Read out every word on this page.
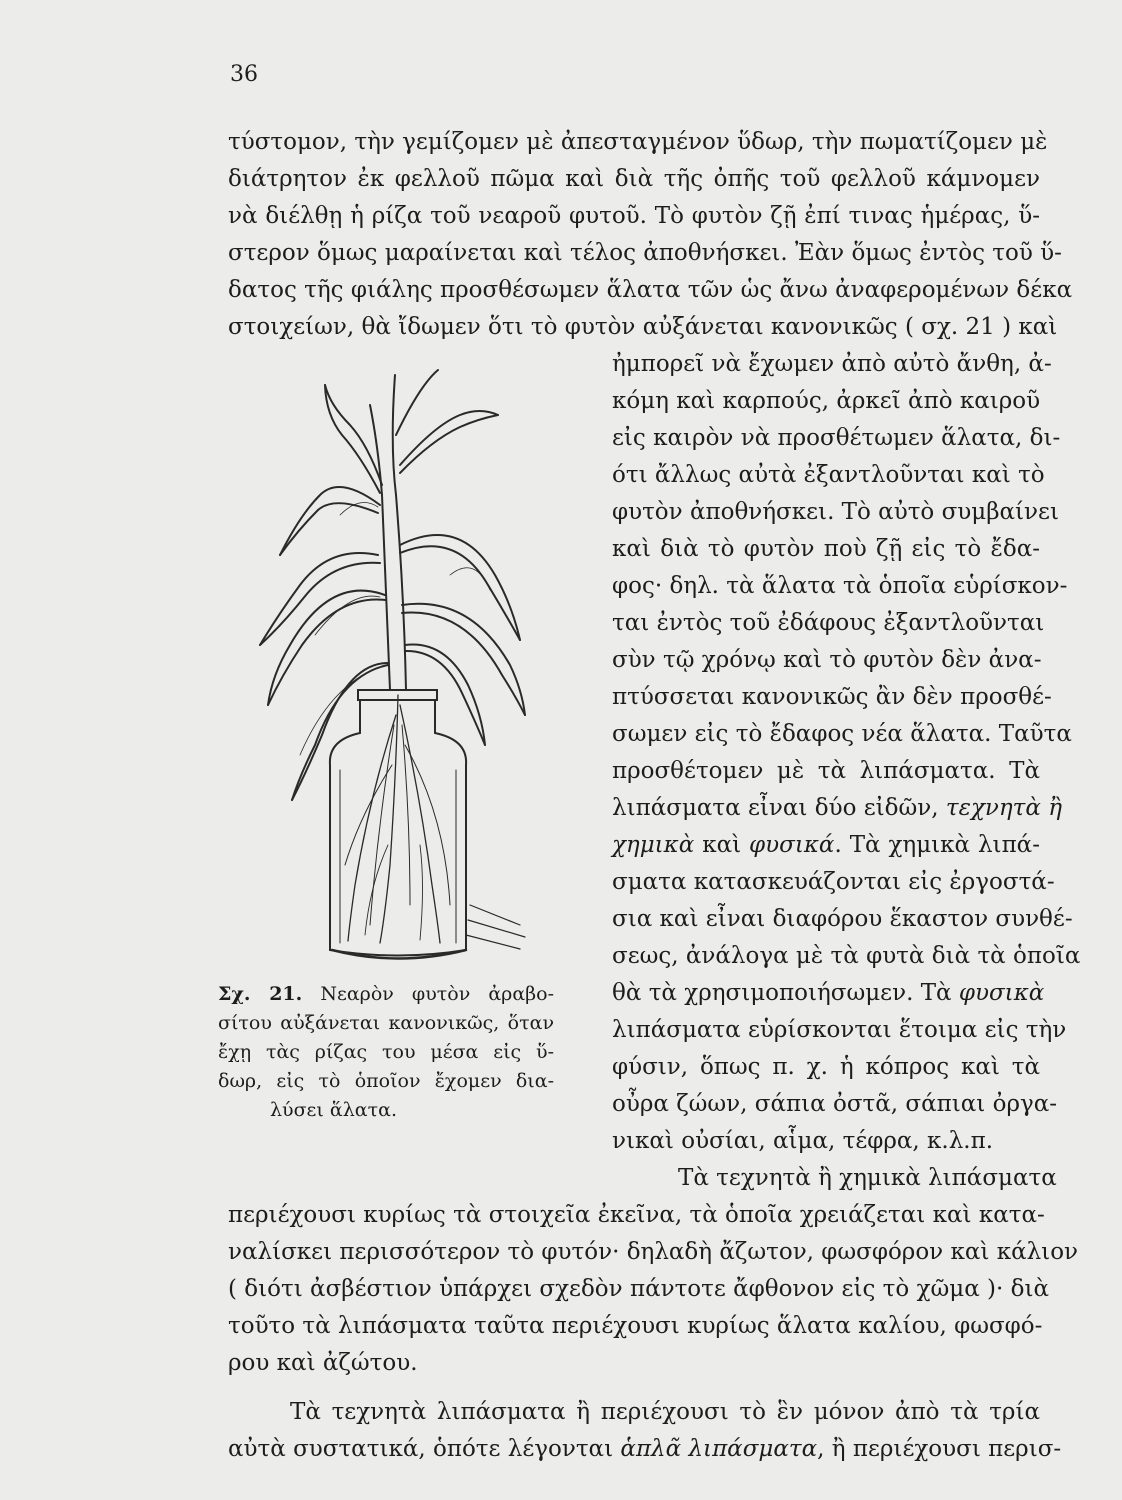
36
τύστομον, τὴν γεμίζομεν μὲ ἀπεσταγμένον ὕδωρ, τὴν πωματίζομεν μὲ
διάτρητον ἐκ φελλοῦ πῶμα καὶ διὰ τῆς ὀπῆς τοῦ φελλοῦ κάμνομεν
νὰ διέλθῃ ἡ ρίζα τοῦ νεαροῦ φυτοῦ. Τὸ φυτὸν ζῇ ἐπί τινας ἡμέρας, ὕ-
στερον ὅμως μαραίνεται καὶ τέλος ἀποθνήσκει. Ἐὰν ὅμως ἐντὸς τοῦ ὕ-
δατος τῆς φιάλης προσθέσωμεν ἅλατα τῶν ὡς ἄνω ἀναφερομένων δέκα
στοιχείων, θὰ ἴδωμεν ὅτι τὸ φυτὸν αὐξάνεται κανονικῶς ( σχ. 21 ) καὶ
ἠμπορεῖ νὰ ἔχωμεν ἀπὸ αὐτὸ ἄνθη, ἀ-
κόμη καὶ καρπούς, ἀρκεῖ ἀπὸ καιροῦ
εἰς καιρὸν νὰ προσθέτωμεν ἅλατα, δι-
ότι ἄλλως αὐτὰ ἐξαντλοῦνται καὶ τὸ
φυτὸν ἀποθνήσκει. Τὸ αὐτὸ συμβαίνει
καὶ διὰ τὸ φυτὸν ποὺ ζῇ εἰς τὸ ἔδα-
φος· δηλ. τὰ ἅλατα τὰ ὁποῖα εὑρίσκον-
ται ἐντὸς τοῦ ἐδάφους ἐξαντλοῦνται
σὺν τῷ χρόνῳ καὶ τὸ φυτὸν δὲν ἀνα-
πτύσσεται κανονικῶς ἂν δὲν προσθέ-
σωμεν εἰς τὸ ἔδαφος νέα ἅλατα. Ταῦτα
προσθέτομεν μὲ τὰ λιπάσματα. Τὰ
λιπάσματα εἶναι δύο εἰδῶν, τεχνητὰ ἢ
χημικὰ καὶ φυσικά. Τὰ χημικὰ λιπά-
σματα κατασκευάζονται εἰς ἐργοστά-
σια καὶ εἶναι διαφόρου ἕκαστον συνθέ-
σεως, ἀνάλογα μὲ τὰ φυτὰ διὰ τὰ ὁποῖα
θὰ τὰ χρησιμοποιήσωμεν. Τὰ φυσικὰ
λιπάσματα εὑρίσκονται ἕτοιμα εἰς τὴν
φύσιν, ὅπως π. χ. ἡ κόπρος καὶ τὰ
οὖρα ζώων, σάπια ὀστᾶ, σάπιαι ὀργα-
νικαὶ οὐσίαι, αἷμα, τέφρα, κ.λ.π.
Σχ. 21. Νεαρὸν φυτὸν ἀραβο-
σίτου αὐξάνεται κανονικῶς, ὅταν
ἔχῃ τὰς ρίζας του μέσα εἰς ὕ-
δωρ, εἰς τὸ ὁποῖον ἔχομεν δια-
λύσει ἅλατα.
Τὰ τεχνητὰ ἢ χημικὰ λιπάσματα
περιέχουσι κυρίως τὰ στοιχεῖα ἐκεῖνα, τὰ ὁποῖα χρειάζεται καὶ κατα-
ναλίσκει περισσότερον τὸ φυτόν· δηλαδὴ ἄζωτον, φωσφόρον καὶ κάλιον
( διότι ἀσβέστιον ὑπάρχει σχεδὸν πάντοτε ἄφθονον εἰς τὸ χῶμα )· διὰ
τοῦτο τὰ λιπάσματα ταῦτα περιέχουσι κυρίως ἅλατα καλίου, φωσφό-
ρου καὶ ἀζώτου.
Τὰ τεχνητὰ λιπάσματα ἢ περιέχουσι τὸ ἓν μόνον ἀπὸ τὰ τρία
αὐτὰ συστατικά, ὁπότε λέγονται ἁπλᾶ λιπάσματα, ἢ περιέχουσι περισ-
